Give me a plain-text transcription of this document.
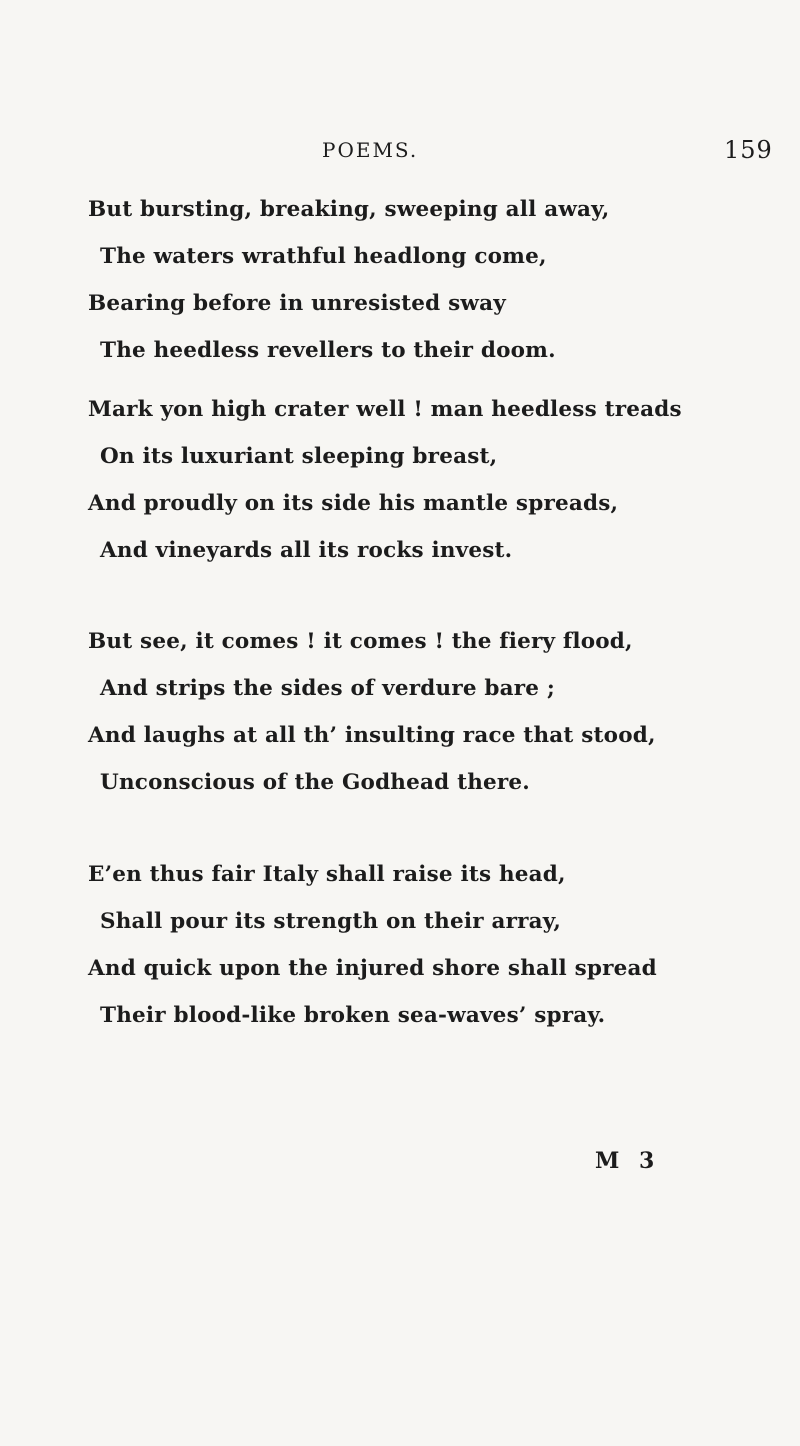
POEMS.	159
But bursting, breaking, sweeping all away,
The waters wrathful headlong come,
Bearing before in unresisted sway
The heedless revellers to their doom.
Mark yon high crater well ! man heedless treads
On its luxuriant sleeping breast,
And proudly on its side his mantle spreads,
And vineyards all its rocks invest.
But see, it comes ! it comes ! the fiery flood,
And strips the sides of verdure bare ;
And laughs at all th’ insulting race that stood,
Unconscious of the Godhead there.
E’en thus fair Italy shall raise its head,
Shall pour its strength on their array,
And quick upon the injured shore shall spread
Their blood-like broken sea-waves’ spray.
M 3
